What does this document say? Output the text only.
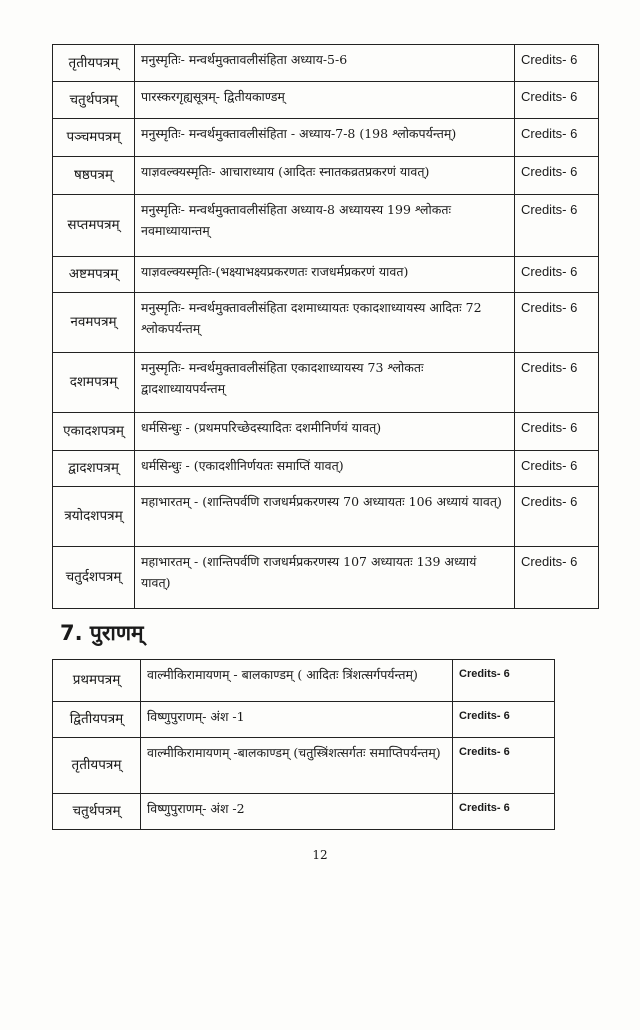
तृतीयपत्रम्	मनुस्मृतिः- मन्वर्थमुक्तावलीसंहिता अध्याय-5-6	Credits- 6
चतुर्थपत्रम्	पारस्करगृह्यसूत्रम्- द्वितीयकाण्डम्	Credits- 6
पञ्चमपत्रम्	मनुस्मृतिः- मन्वर्थमुक्तावलीसंहिता - अध्याय-7-8 (198 श्लोकपर्यन्तम्)	Credits- 6
षष्ठपत्रम्	याज्ञवल्क्यस्मृतिः- आचाराध्याय (आदितः स्नातकव्रतप्रकरणं यावत्)	Credits- 6
सप्तमपत्रम्	मनुस्मृतिः- मन्वर्थमुक्तावलीसंहिता अध्याय-8 अध्यायस्य 199 श्लोकतः नवमाध्यायान्तम्	Credits- 6
अष्टमपत्रम्	याज्ञवल्क्यस्मृतिः-(भक्ष्याभक्ष्यप्रकरणतः राजधर्मप्रकरणं यावत)	Credits- 6
नवमपत्रम्	मनुस्मृतिः- मन्वर्थमुक्तावलीसंहिता दशमाध्यायतः एकादशाध्यायस्य आदितः 72 श्लोकपर्यन्तम्	Credits- 6
दशमपत्रम्	मनुस्मृतिः- मन्वर्थमुक्तावलीसंहिता एकादशाध्यायस्य 73 श्लोकतः द्वादशाध्यायपर्यन्तम्	Credits- 6
एकादशपत्रम्	धर्मसिन्धुः - (प्रथमपरिच्छेदस्यादितः दशमीनिर्णयं यावत्)	Credits- 6
द्वादशपत्रम्	धर्मसिन्धुः - (एकादशीनिर्णयतः समाप्तिं यावत्)	Credits- 6
त्रयोदशपत्रम्	महाभारतम् - (शान्तिपर्वणि राजधर्मप्रकरणस्य 70 अध्यायतः 106 अध्यायं यावत्)	Credits- 6
चतुर्दशपत्रम्	महाभारतम् - (शान्तिपर्वणि राजधर्मप्रकरणस्य 107 अध्यायतः 139 अध्यायं यावत्)	Credits- 6
7. पुराणम्
प्रथमपत्रम्	वाल्मीकिरामायणम् - बालकाण्डम् ( आदितः त्रिंशत्सर्गपर्यन्तम्)	Credits- 6
द्वितीयपत्रम्	विष्णुपुराणम्- अंश -1	Credits- 6
तृतीयपत्रम्	वाल्मीकिरामायणम् -बालकाण्डम् (चतुस्त्रिंशत्सर्गतः समाप्तिपर्यन्तम्)	Credits- 6
चतुर्थपत्रम्	विष्णुपुराणम्- अंश -2	Credits- 6
12
